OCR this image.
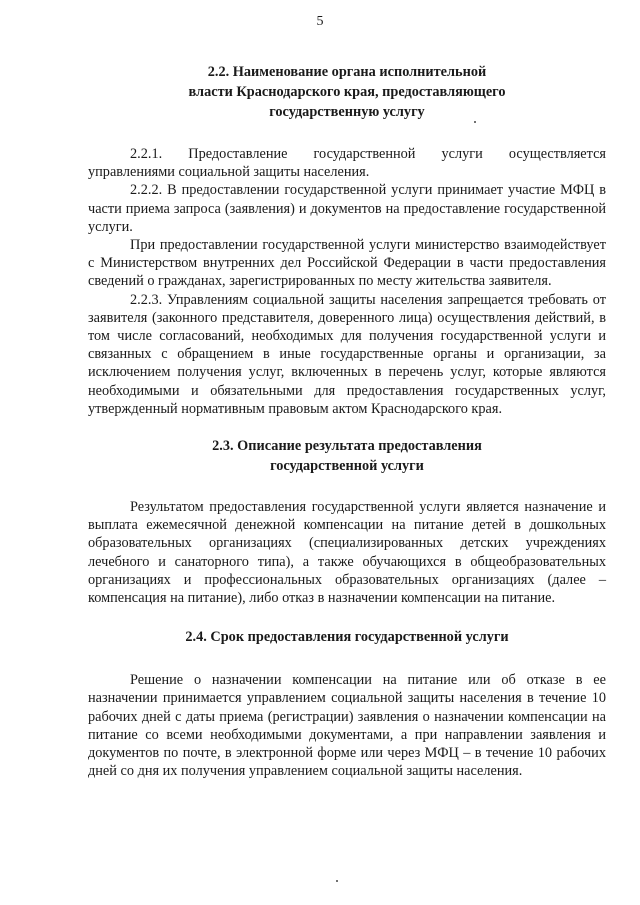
5
2.2. Наименование органа исполнительной
власти Краснодарского края, предоставляющего
государственную услугу

2.2.1. Предоставление государственной услуги осуществляется управлениями социальной защиты населения.

2.2.2. В предоставлении государственной услуги принимает участие МФЦ в части приема запроса (заявления) и документов на предоставление государственной услуги.

При предоставлении государственной услуги министерство взаимодействует с Министерством внутренних дел Российской Федерации в части предоставления сведений о гражданах, зарегистрированных по месту жительства заявителя.

2.2.3. Управлениям социальной защиты населения запрещается требовать от заявителя (законного представителя, доверенного лица) осуществления действий, в том числе согласований, необходимых для получения государственной услуги и связанных с обращением в иные государственные органы и организации, за исключением получения услуг, включенных в перечень услуг, которые являются необходимыми и обязательными для предоставления государственных услуг, утвержденный нормативным правовым актом Краснодарского края.

2.3. Описание результата предоставления
государственной услуги

Результатом предоставления государственной услуги является назначение и выплата ежемесячной денежной компенсации на питание детей в дошкольных образовательных организациях (специализированных детских учреждениях лечебного и санаторного типа), а также обучающихся в общеобразовательных организациях и профессиональных образовательных организациях (далее – компенсация на питание), либо отказ в назначении компенсации на питание.

2.4. Срок предоставления государственной услуги

Решение о назначении компенсации на питание или об отказе в ее назначении принимается управлением социальной защиты населения в течение 10 рабочих дней с даты приема (регистрации) заявления о назначении компенсации на питание со всеми необходимыми документами, а при направлении заявления и документов по почте, в электронной форме или через МФЦ – в течение 10 рабочих дней со дня их получения управлением социальной защиты населения.
